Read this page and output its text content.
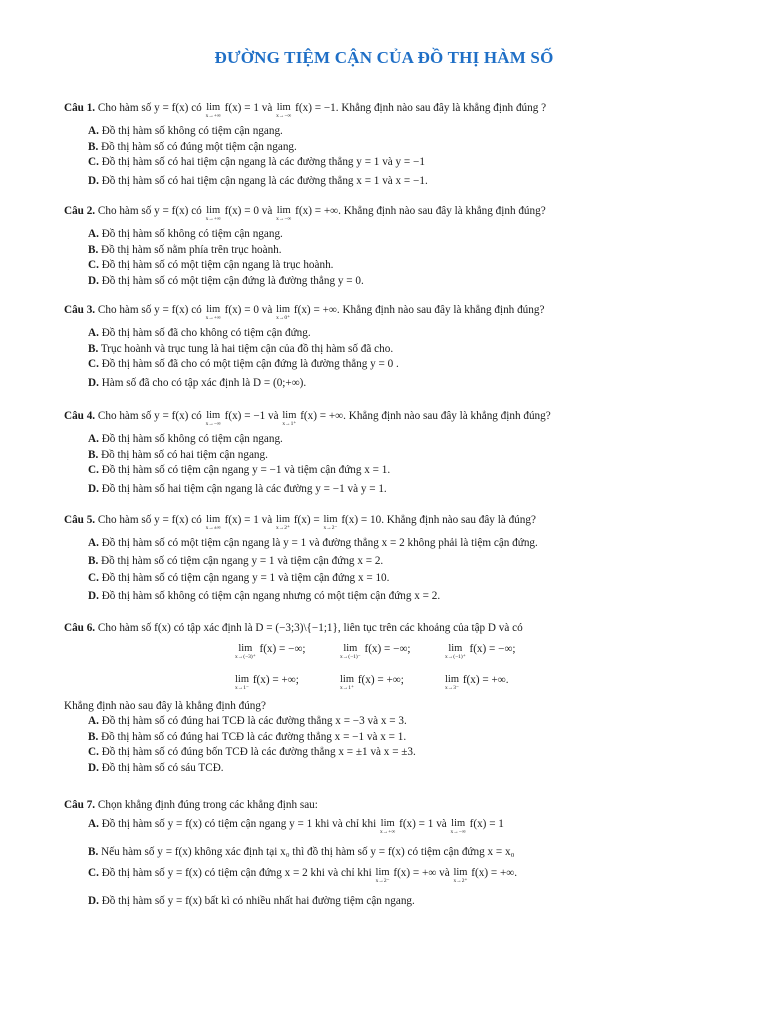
ĐƯỜNG TIỆM CẬN CỦA ĐỒ THỊ HÀM SỐ
Câu 1. Cho hàm số y = f(x) có lim
x→+∞
f(x) = 1 và lim
x→−∞
f(x) = −1. Khẳng định nào sau đây là khẳng định đúng ?
A. Đồ thị hàm số không có tiệm cận ngang.
B. Đồ thị hàm số có đúng một tiệm cận ngang.
C. Đồ thị hàm số có hai tiệm cận ngang là các đường thẳng y = 1 và y = −1
D. Đồ thị hàm số có hai tiệm cận ngang là các đường thẳng x = 1 và x = −1.
Câu 2. Cho hàm số y = f(x) có lim
x→+∞
f(x) = 0 và lim
x→−∞
f(x) = +∞. Khẳng định nào sau đây là khẳng định đúng?
A. Đồ thị hàm số không có tiệm cận ngang.
B. Đồ thị hàm số nằm phía trên trục hoành.
C. Đồ thị hàm số có một tiệm cận ngang là trục hoành.
D. Đồ thị hàm số có một tiệm cận đứng là đường thẳng y = 0.
Câu 3. Cho hàm số y = f(x) có lim
x→+∞
f(x) = 0 và lim
x→0⁺
f(x) = +∞. Khẳng định nào sau đây là khẳng định đúng?
A. Đồ thị hàm số đã cho không có tiệm cận đứng.
B. Trục hoành và trục tung là hai tiệm cận của đồ thị hàm số đã cho.
C. Đồ thị hàm số đã cho có một tiệm cận đứng là đường thẳng y = 0 .
D. Hàm số đã cho có tập xác định là D = (0;+∞).
Câu 4. Cho hàm số y = f(x) có lim
x→−∞
f(x) = −1 và lim
x→1⁺
f(x) = +∞. Khẳng định nào sau đây là khẳng định đúng?
A. Đồ thị hàm số không có tiệm cận ngang.
B. Đồ thị hàm số có hai tiệm cận ngang.
C. Đồ thị hàm số có tiệm cận ngang y = −1 và tiệm cận đứng x = 1.
D. Đồ thị hàm số hai tiệm cận ngang là các đường y = −1 và y = 1.
Câu 5. Cho hàm số y = f(x) có lim
x→±∞
f(x) = 1 và lim
x→2⁺
f(x) = lim
x→2⁻
f(x) = 10. Khẳng định nào sau đây là đúng?
A. Đồ thị hàm số có một tiệm cận ngang là y = 1 và đường thẳng x = 2 không phải là tiệm cận đứng.
B. Đồ thị hàm số có tiệm cận ngang y = 1 và tiệm cận đứng x = 2.
C. Đồ thị hàm số có tiệm cận ngang y = 1 và tiệm cận đứng x = 10.
D. Đồ thị hàm số không có tiệm cận ngang nhưng có một tiệm cận đứng x = 2.
Câu 6. Cho hàm số f(x) có tập xác định là D = (−3;3)\{−1;1}, liên tục trên các khoảng của tập D và có
lim
x→(−3)⁺
f(x) = −∞;	lim
x→(−1)⁻
f(x) = −∞;	lim
x→(−1)⁺
f(x) = −∞;
lim
x→1⁻
f(x) = +∞;	lim
x→1⁺
f(x) = +∞;	lim
x→3⁻
f(x) = +∞.
Khẳng định nào sau đây là khẳng định đúng?
A. Đồ thị hàm số có đúng hai TCĐ là các đường thẳng x = −3 và x = 3.
B. Đồ thị hàm số có đúng hai TCĐ là các đường thẳng x = −1 và x = 1.
C. Đồ thị hàm số có đúng bốn TCĐ là các đường thẳng x = ±1 và x = ±3.
D. Đồ thị hàm số có sáu TCĐ.
Câu 7. Chọn khẳng định đúng trong các khẳng định sau:
A. Đồ thị hàm số y = f(x) có tiệm cận ngang y = 1 khi và chỉ khi lim
x→+∞
f(x) = 1 và lim
x→−∞
f(x) = 1
B. Nếu hàm số y = f(x) không xác định tại x₀ thì đồ thị hàm số y = f(x) có tiệm cận đứng x = x₀
C. Đồ thị hàm số y = f(x) có tiệm cận đứng x = 2 khi và chỉ khi lim
x→2⁻
f(x) = +∞ và lim
x→2⁺
f(x) = +∞.
D. Đồ thị hàm số y = f(x) bất kì có nhiều nhất hai đường tiệm cận ngang.
